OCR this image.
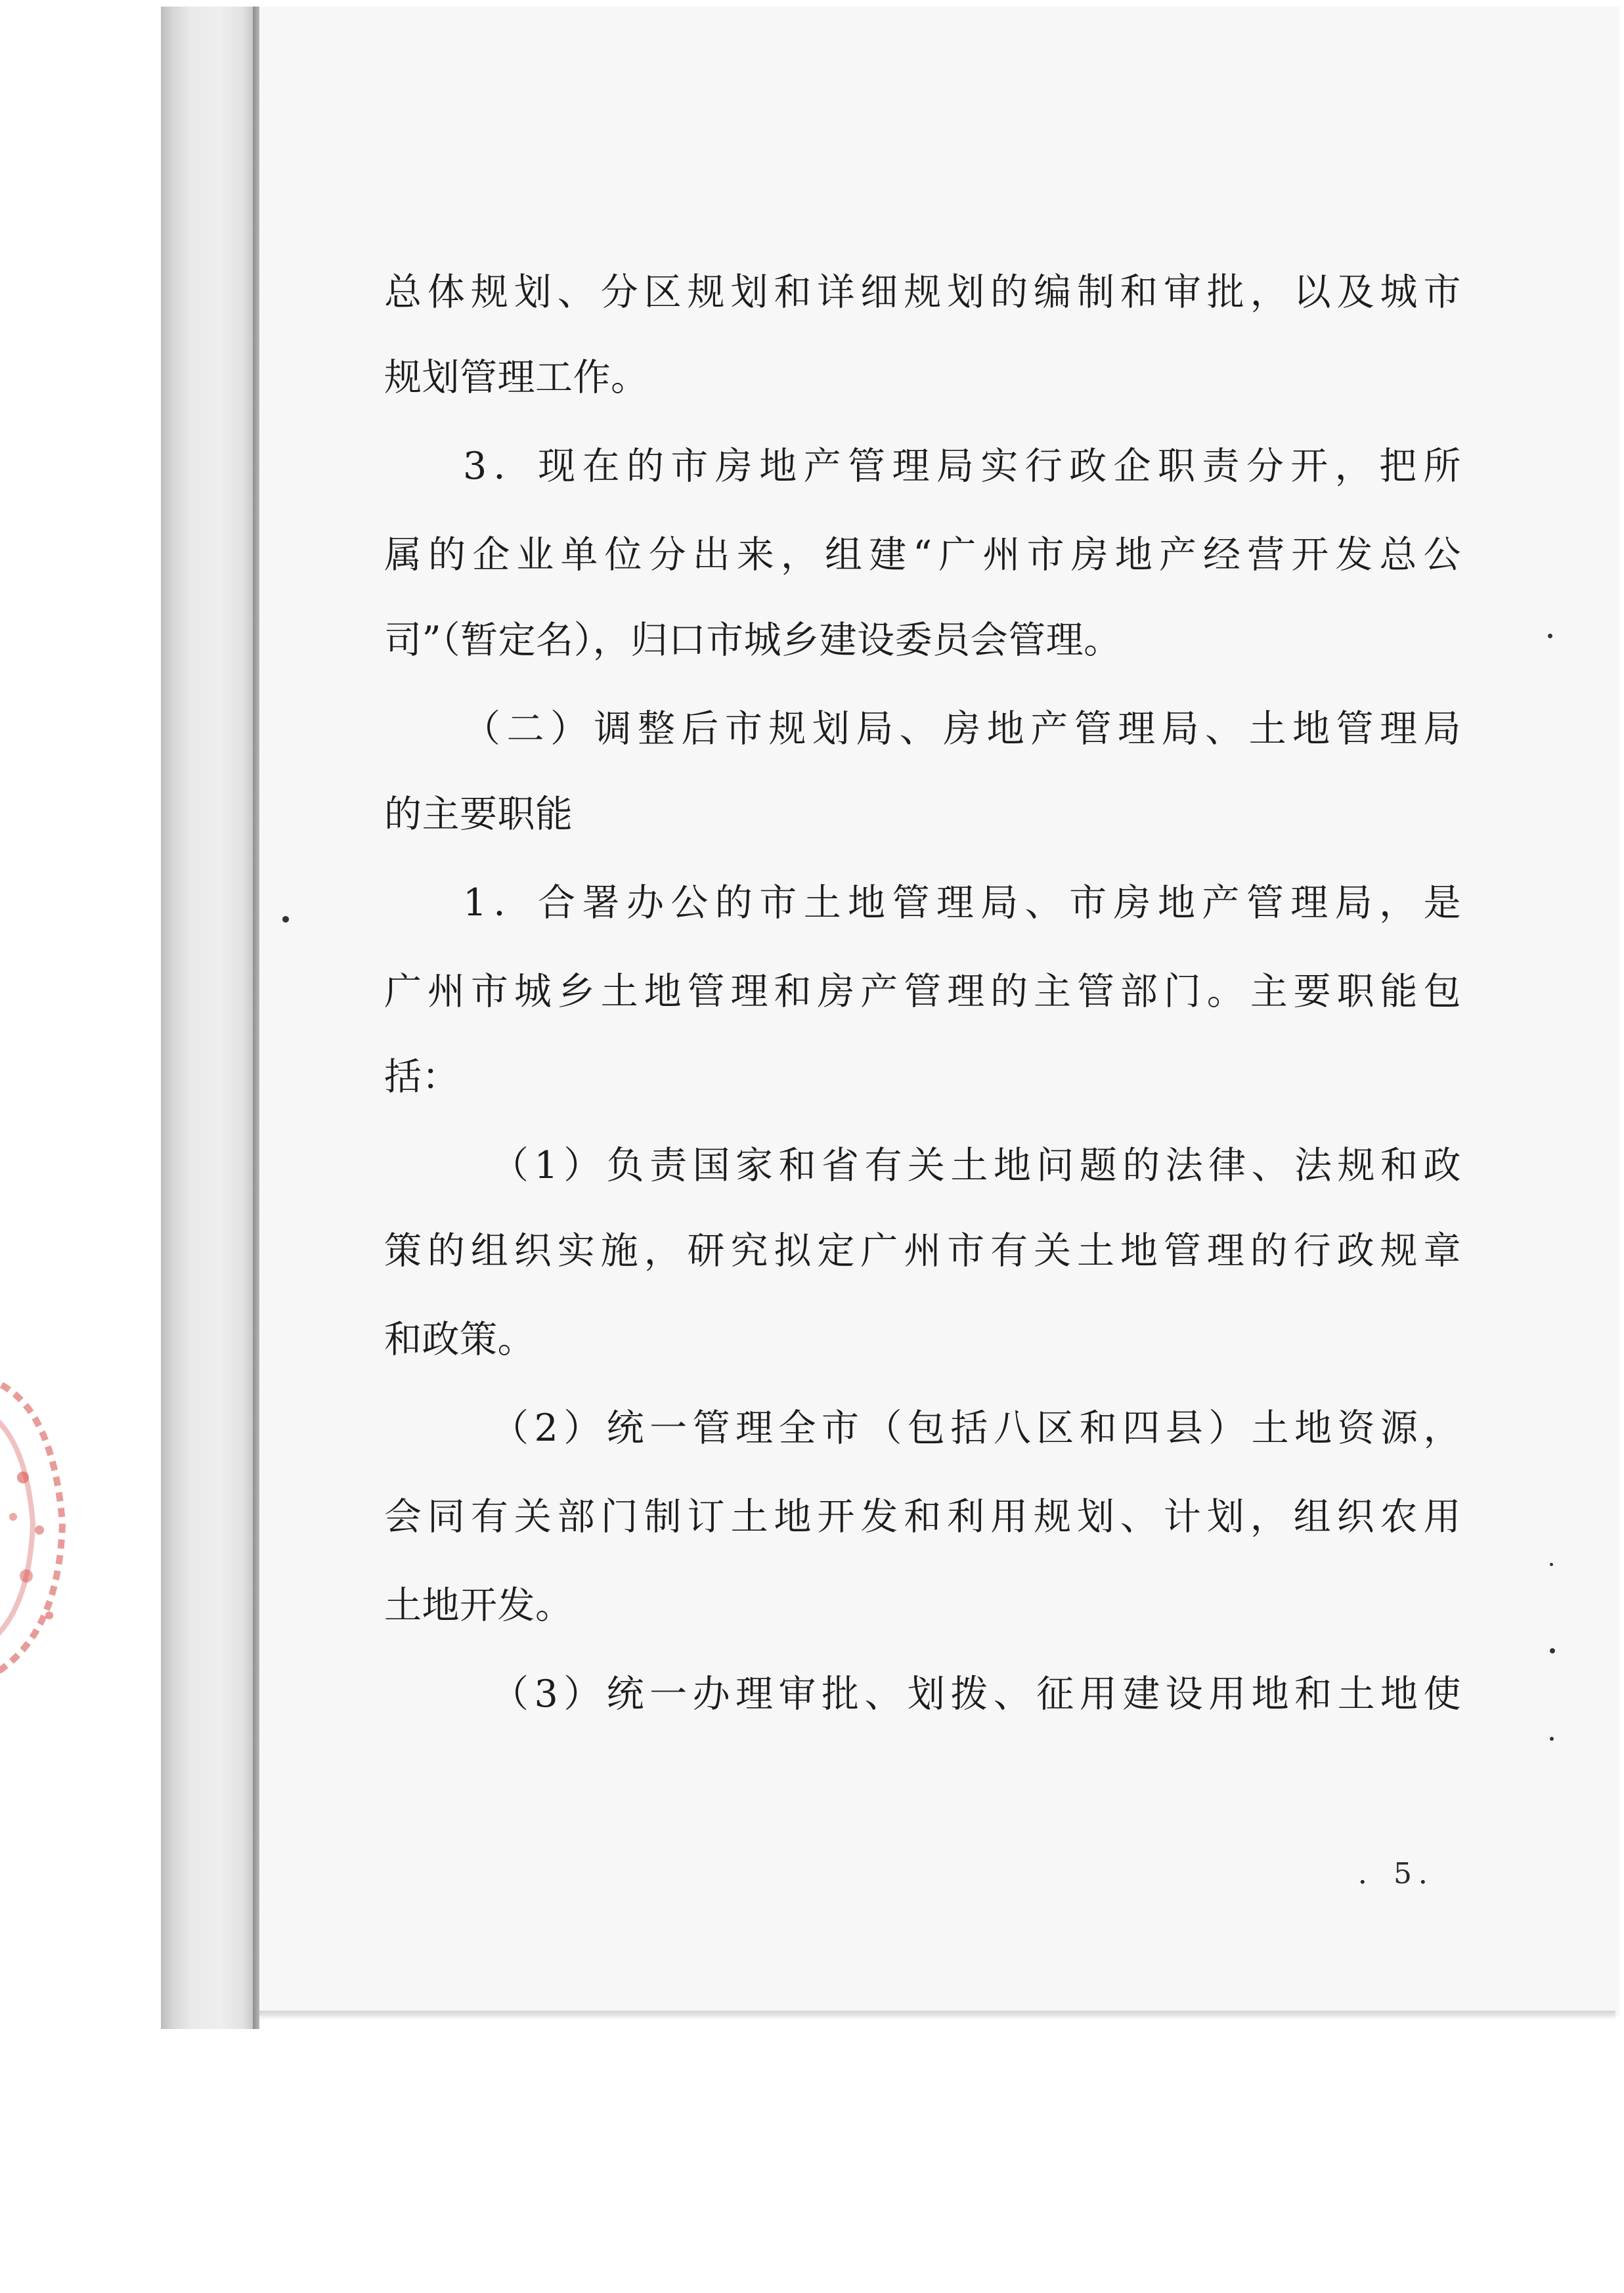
总体规划、分区规划和详细规划的编制和审批，以及城市
规划管理工作。
3．现在的市房地产管理局实行政企职责分开，把所
属的企业单位分出来，组建“广州市房地产经营开发总公
司”（暂定名），归口市城乡建设委员会管理。
（二）调整后市规划局、房地产管理局、土地管理局
的主要职能
1．合署办公的市土地管理局、市房地产管理局，是
广州市城乡土地管理和房产管理的主管部门。主要职能包
括：
（1）负责国家和省有关土地问题的法律、法规和政
策的组织实施，研究拟定广州市有关土地管理的行政规章
和政策。
（2）统一管理全市（包括八区和四县）土地资源，
会同有关部门制订土地开发和利用规划、计划，组织农用
土地开发。
（3）统一办理审批、划拨、征用建设用地和土地使
．5．
